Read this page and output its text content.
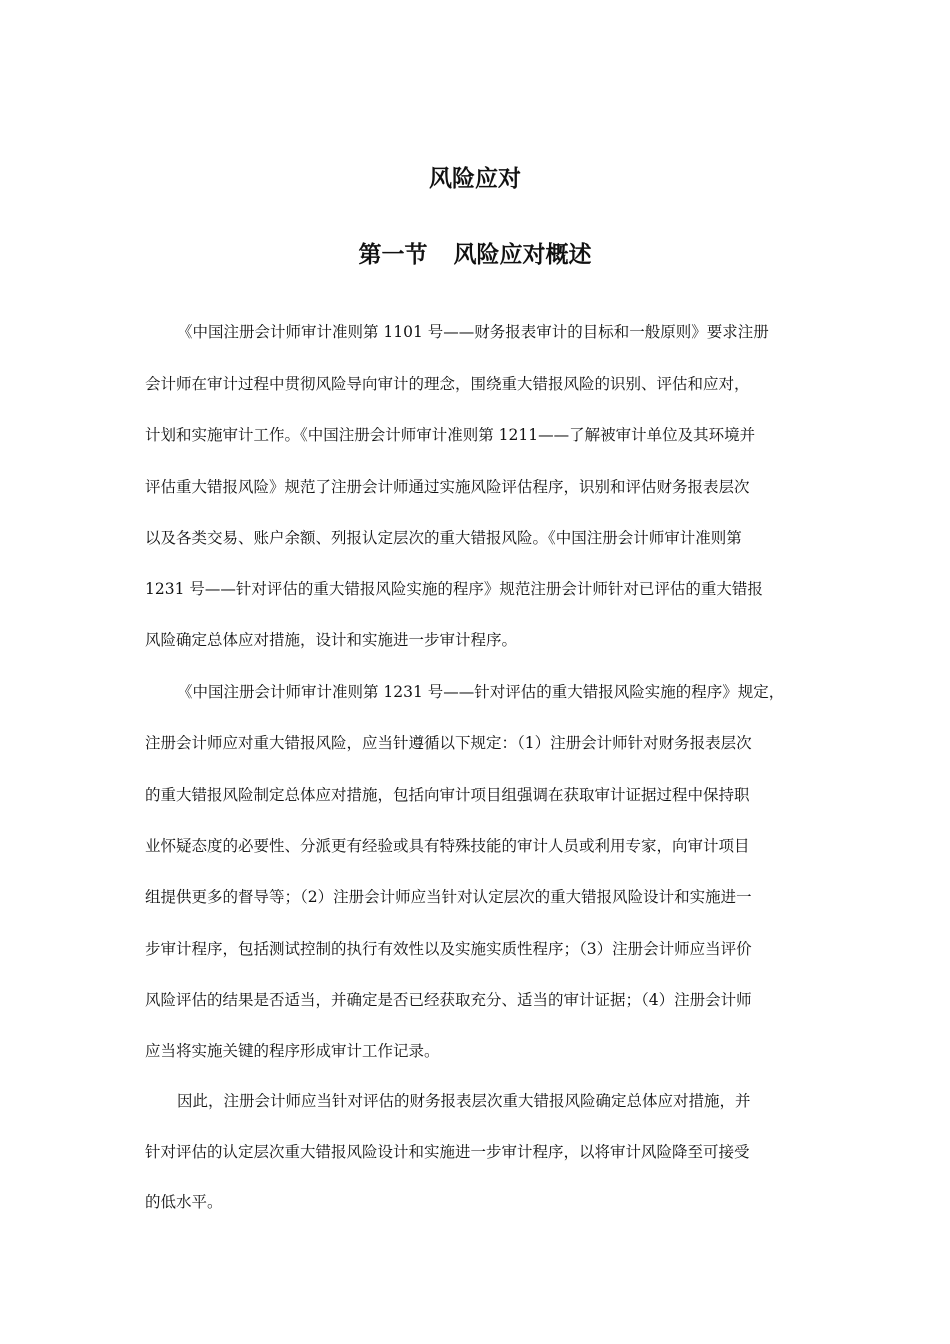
风险应对
第一节 风险应对概述

《中国注册会计师审计准则第 1101 号——财务报表审计的目标和一般原则》要求注册

会计师在审计过程中贯彻风险导向审计的理念，围绕重大错报风险的识别、评估和应对，

计划和实施审计工作。《中国注册会计师审计准则第 1211——了解被审计单位及其环境并

评估重大错报风险》规范了注册会计师通过实施风险评估程序，识别和评估财务报表层次

以及各类交易、账户余额、列报认定层次的重大错报风险。《中国注册会计师审计准则第

1231 号——针对评估的重大错报风险实施的程序》规范注册会计师针对已评估的重大错报

风险确定总体应对措施，设计和实施进一步审计程序。

《中国注册会计师审计准则第 1231 号——针对评估的重大错报风险实施的程序》规定，

注册会计师应对重大错报风险，应当针遵循以下规定：（1）注册会计师针对财务报表层次

的重大错报风险制定总体应对措施，包括向审计项目组强调在获取审计证据过程中保持职

业怀疑态度的必要性、分派更有经验或具有特殊技能的审计人员或利用专家，向审计项目

组提供更多的督导等；（2）注册会计师应当针对认定层次的重大错报风险设计和实施进一

步审计程序，包括测试控制的执行有效性以及实施实质性程序；（3）注册会计师应当评价

风险评估的结果是否适当，并确定是否已经获取充分、适当的审计证据；（4）注册会计师

应当将实施关键的程序形成审计工作记录。

因此，注册会计师应当针对评估的财务报表层次重大错报风险确定总体应对措施，并

针对评估的认定层次重大错报风险设计和实施进一步审计程序，以将审计风险降至可接受

的低水平。
